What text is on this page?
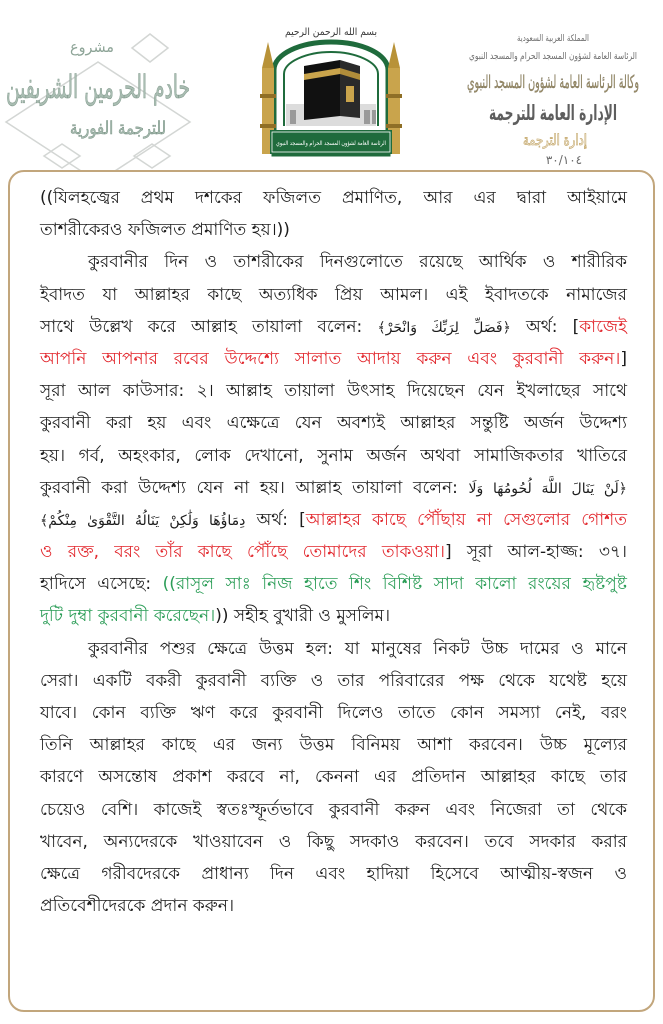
مشروع
خادم الحرمين الشريفين
للترجمة الفورية
بسم الله الرحمن الرحيم
الرئاسة العامة لشؤون المسجد الحرام والمسجد النبوي
المملكة العربية السعودية
الرئاسة العامة لشؤون المسجد الحرام والمسجد النبوي
وكالة الرئاسة العامة لشؤون المسجد النبوي
الإدارة العامة للترجمة
إدارة الترجمة
٣٠/١٠٤
((যিলহজ্বের প্রথম দশকের ফজিলত প্রমাণিত, আর এর দ্বারা আইয়ামে
তাশরীকেরও ফজিলত প্রমাণিত হয়।))
কুরবানীর দিন ও তাশরীকের দিনগুলোতে রয়েছে আর্থিক ও শারীরিক
ইবাদত যা আল্লাহর কাছে অত্যধিক প্রিয় আমল। এই ইবাদতকে নামাজের
সাথে উল্লেখ করে আল্লাহ তায়ালা বলেন: ﴿فَصَلِّ لِرَبِّكَ وَانْحَرْ﴾ অর্থ: [কাজেই
আপনি আপনার রবের উদ্দেশ্যে সালাত আদায় করুন এবং কুরবানী করুন।]
সূরা আল কাউসার: ২। আল্লাহ তায়ালা উৎসাহ দিয়েছেন যেন ইখলাছের সাথে
কুরবানী করা হয় এবং এক্ষেত্রে যেন অবশ্যই আল্লাহর সন্তুষ্টি অর্জন উদ্দেশ্য
হয়। গর্ব, অহংকার, লোক দেখানো, সুনাম অর্জন অথবা সামাজিকতার খাতিরে
কুরবানী করা উদ্দেশ্য যেন না হয়। আল্লাহ তায়ালা বলেন: ﴿لَنْ يَنَالَ اللَّهَ لُحُومُهَا وَلَا
دِمَاؤُهَا وَلَٰكِنْ يَنَالُهُ التَّقْوَىٰ مِنْكُمْ﴾ অর্থ: [আল্লাহর কাছে পৌঁছায় না সেগুলোর গোশত
ও রক্ত, বরং তাঁর কাছে পৌঁছে তোমাদের তাকওয়া।] সূরা আল-হাজ্জ: ৩৭।
হাদিসে এসেছে: ((রাসূল সাঃ নিজ হাতে শিং বিশিষ্ট সাদা কালো রংয়ের হৃষ্টপুষ্ট
দুটি দুম্বা কুরবানী করেছেন।)) সহীহ বুখারী ও মুসলিম।
কুরবানীর পশুর ক্ষেত্রে উত্তম হল: যা মানুষের নিকট উচ্চ দামের ও মানে
সেরা। একটি বকরী কুরবানী ব্যক্তি ও তার পরিবারের পক্ষ থেকে যথেষ্ট হয়ে
যাবে। কোন ব্যক্তি ঋণ করে কুরবানী দিলেও তাতে কোন সমস্যা নেই, বরং
তিনি আল্লাহর কাছে এর জন্য উত্তম বিনিময় আশা করবেন। উচ্চ মূল্যের
কারণে অসন্তোষ প্রকাশ করবে না, কেননা এর প্রতিদান আল্লাহর কাছে তার
চেয়েও বেশি। কাজেই স্বতঃস্ফূর্তভাবে কুরবানী করুন এবং নিজেরা তা থেকে
খাবেন, অন্যদেরকে খাওয়াবেন ও কিছু সদকাও করবেন। তবে সদকার করার
ক্ষেত্রে গরীবদেরকে প্রাধান্য দিন এবং হাদিয়া হিসেবে আত্মীয়-স্বজন ও
প্রতিবেশীদেরকে প্রদান করুন।
